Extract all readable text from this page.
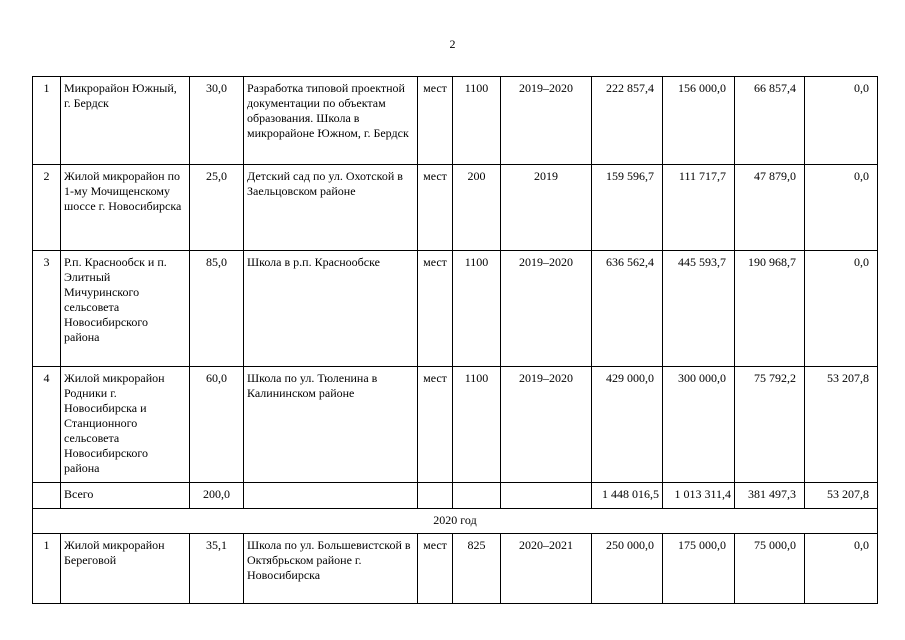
2
1	Микрорайон Южный, г. Бердск	30,0	Разработка типовой проектной документации по объектам образования. Школа в микрорайоне Южном, г. Бердск	мест	1100	2019–2020	222 857,4	156 000,0	66 857,4	0,0
2	Жилой микрорайон по 1-му Мочищенскому шоссе г. Новосибирска	25,0	Детский сад по ул. Охотской в Заельцовском районе	мест	200	2019	159 596,7	111 717,7	47 879,0	0,0
3	Р.п. Краснообск и п. Элитный Мичуринского сельсовета Новосибирского района	85,0	Школа в р.п. Краснообске	мест	1100	2019–2020	636 562,4	445 593,7	190 968,7	0,0
4	Жилой микрорайон Родники г. Новосибирска и Станционного сельсовета Новосибирского района	60,0	Школа по ул. Тюленина в Калининском районе	мест	1100	2019–2020	429 000,0	300 000,0	75 792,2	53 207,8
	Всего	200,0					1 448 016,5	1 013 311,4	381 497,3	53 207,8
2020 год										
1	Жилой микрорайон Береговой	35,1	Школа по ул. Большевистской в Октябрьском районе г. Новосибирска	мест	825	2020–2021	250 000,0	175 000,0	75 000,0	0,0
